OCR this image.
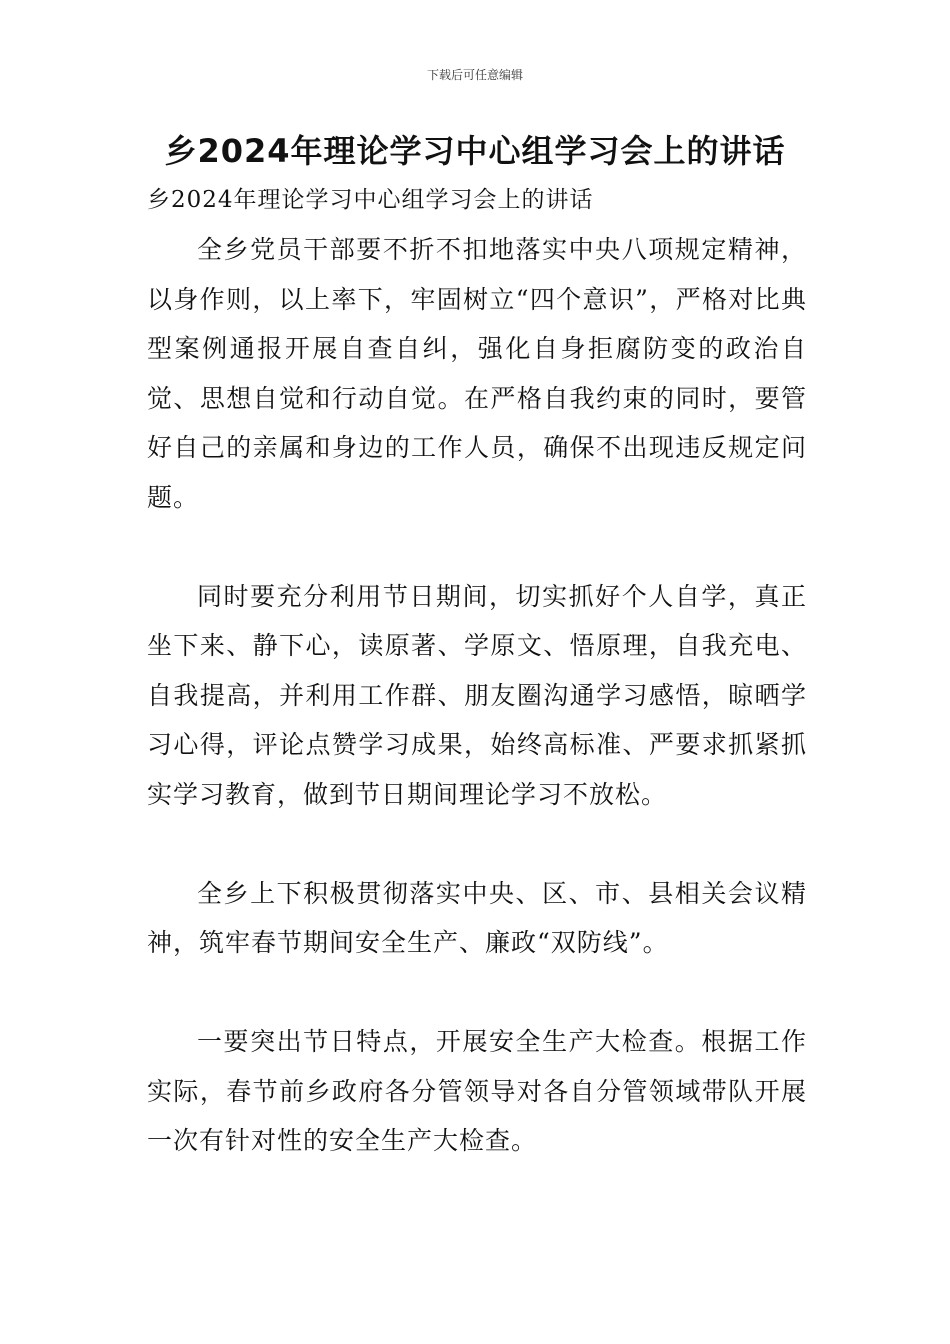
下载后可任意编辑
乡2024年理论学习中心组学习会上的讲话
乡2024年理论学习中心组学习会上的讲话

全乡党员干部要不折不扣地落实中央八项规定精神，以身作则，以上率下，牢固树立“四个意识”，严格对比典型案例通报开展自查自纠，强化自身拒腐防变的政治自觉、思想自觉和行动自觉。在严格自我约束的同时，要管好自己的亲属和身边的工作人员，确保不出现违反规定问题。

同时要充分利用节日期间，切实抓好个人自学，真正坐下来、静下心，读原著、学原文、悟原理，自我充电、自我提高，并利用工作群、朋友圈沟通学习感悟，晾晒学习心得，评论点赞学习成果，始终高标准、严要求抓紧抓实学习教育，做到节日期间理论学习不放松。

全乡上下积极贯彻落实中央、区、市、县相关会议精神，筑牢春节期间安全生产、廉政“双防线”。

一要突出节日特点，开展安全生产大检查。根据工作实际，春节前乡政府各分管领导对各自分管领域带队开展一次有针对性的安全生产大检查。
